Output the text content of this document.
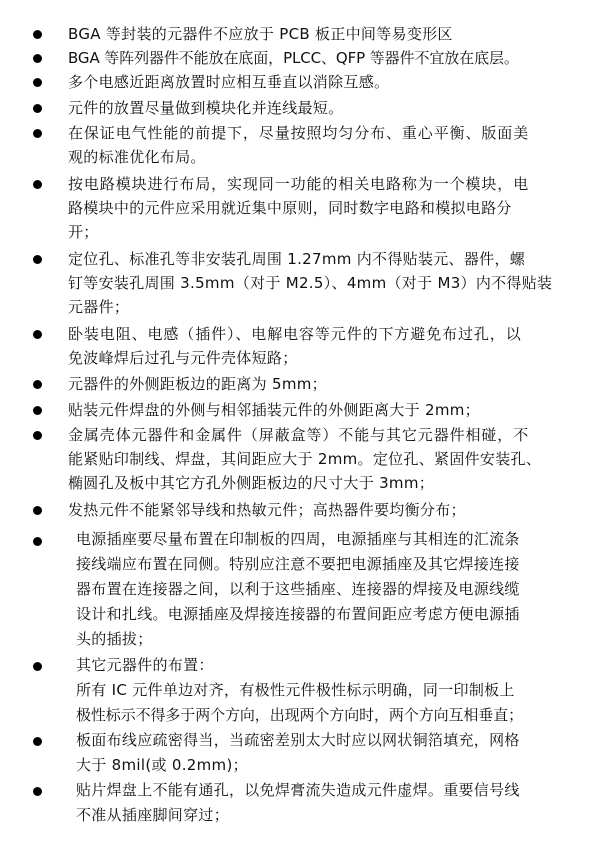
BGA 等封装的元器件不应放于 PCB 板正中间等易变形区
BGA 等阵列器件不能放在底面，PLCC、QFP 等器件不宜放在底层。
多个电感近距离放置时应相互垂直以消除互感。
元件的放置尽量做到模块化并连线最短。
在保证电气性能的前提下，尽量按照均匀分布、重心平衡、版面美
观的标准优化布局。
按电路模块进行布局，实现同一功能的相关电路称为一个模块，电
路模块中的元件应采用就近集中原则，同时数字电路和模拟电路分
开；
定位孔、标准孔等非安装孔周围 1.27mm 内不得贴装元、器件，螺
钉等安装孔周围 3.5mm（对于 M2.5）、4mm（对于 M3）内不得贴装
元器件；
卧装电阻、电感（插件）、电解电容等元件的下方避免布过孔，以
免波峰焊后过孔与元件壳体短路；
元器件的外侧距板边的距离为 5mm；
贴装元件焊盘的外侧与相邻插装元件的外侧距离大于 2mm；
金属壳体元器件和金属件（屏蔽盒等）不能与其它元器件相碰，不
能紧贴印制线、焊盘，其间距应大于 2mm。定位孔、紧固件安装孔、
椭圆孔及板中其它方孔外侧距板边的尺寸大于 3mm；
发热元件不能紧邻导线和热敏元件；高热器件要均衡分布；
电源插座要尽量布置在印制板的四周，电源插座与其相连的汇流条
接线端应布置在同侧。特别应注意不要把电源插座及其它焊接连接
器布置在连接器之间，以利于这些插座、连接器的焊接及电源线缆
设计和扎线。电源插座及焊接连接器的布置间距应考虑方便电源插
头的插拔；
其它元器件的布置：
所有 IC 元件单边对齐，有极性元件极性标示明确，同一印制板上
极性标示不得多于两个方向，出现两个方向时，两个方向互相垂直；
板面布线应疏密得当，当疏密差别太大时应以网状铜箔填充，网格
大于 8mil(或 0.2mm)；
贴片焊盘上不能有通孔，以免焊膏流失造成元件虚焊。重要信号线
不准从插座脚间穿过；
